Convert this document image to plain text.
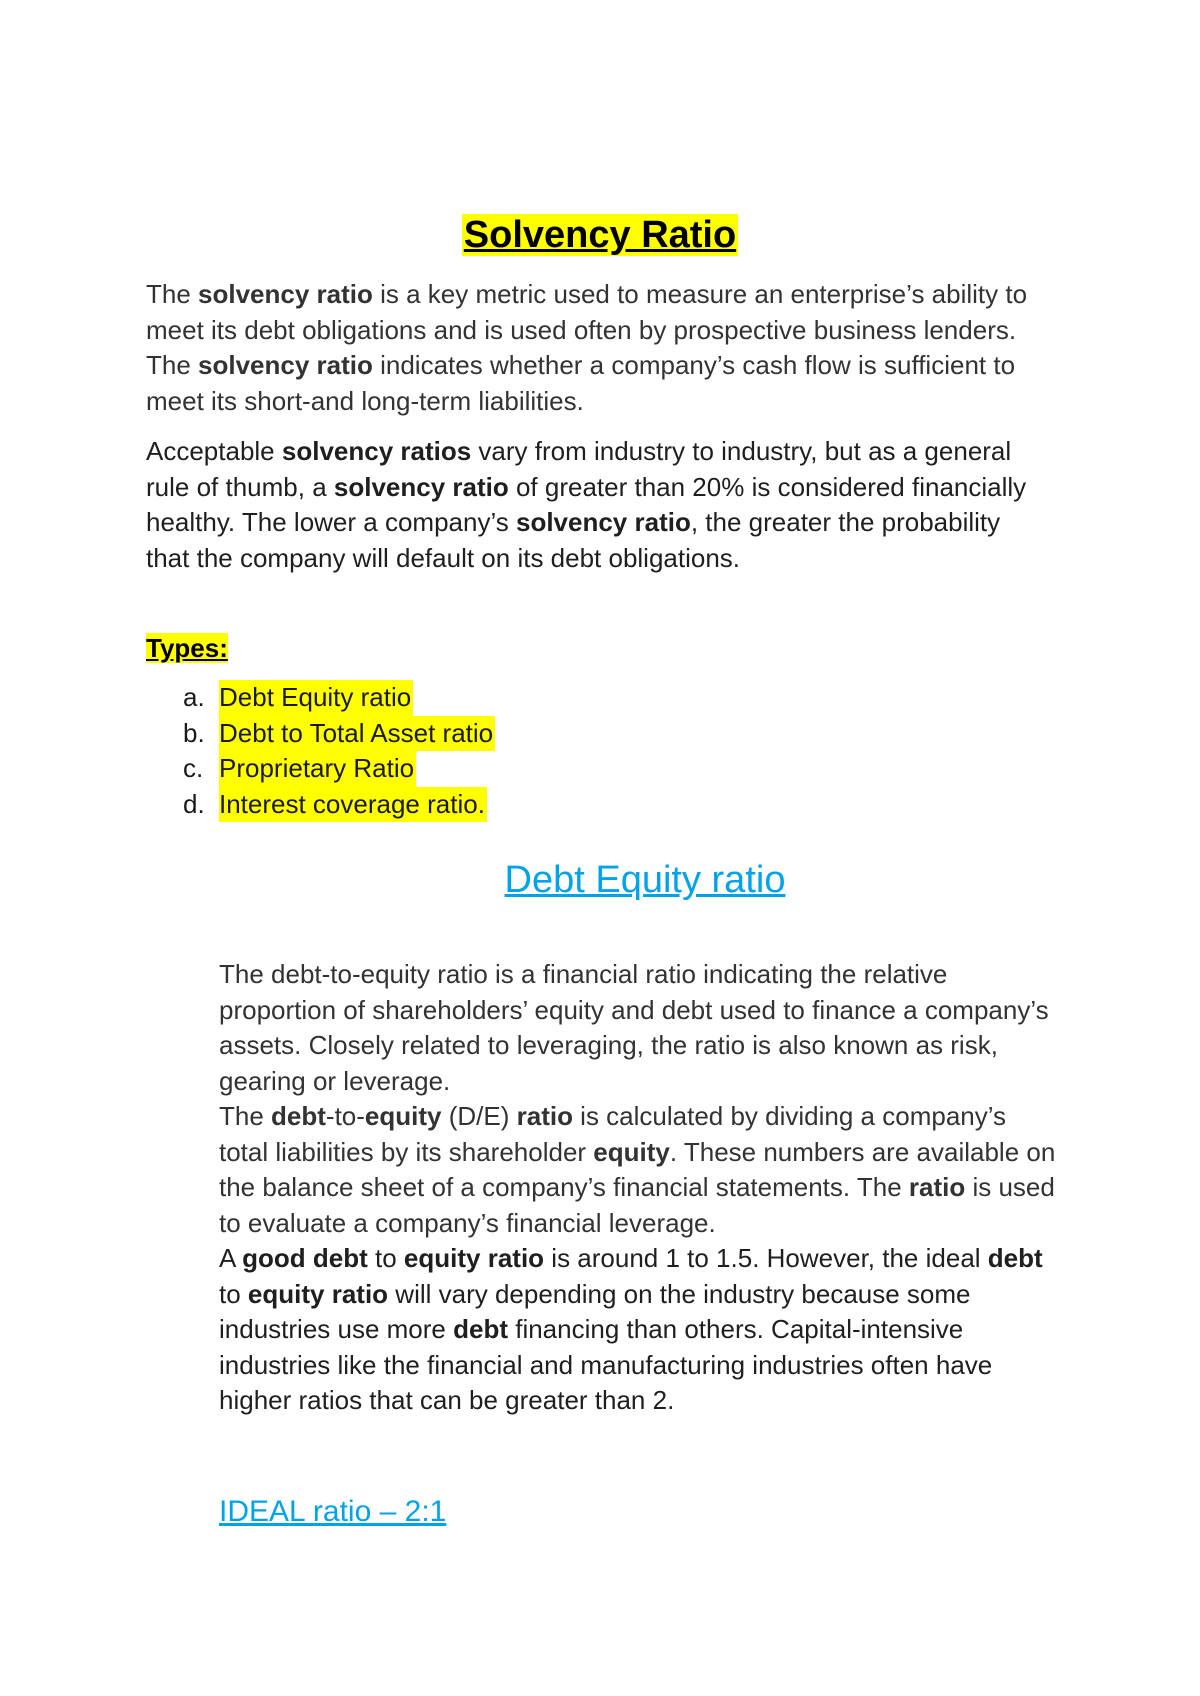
Solvency Ratio

The solvency ratio is a key metric used to measure an enterprise’s ability to meet its debt obligations and is used often by prospective business lenders. The solvency ratio indicates whether a company’s cash flow is sufficient to meet its short-and long-term liabilities.

Acceptable solvency ratios vary from industry to industry, but as a general rule of thumb, a solvency ratio of greater than 20% is considered financially healthy. The lower a company’s solvency ratio, the greater the probability that the company will default on its debt obligations.

Types:
a. Debt Equity ratio
b. Debt to Total Asset ratio
c. Proprietary Ratio
d. Interest coverage ratio.
Debt Equity ratio

The debt-to-equity ratio is a financial ratio indicating the relative proportion of shareholders’ equity and debt used to finance a company’s assets. Closely related to leveraging, the ratio is also known as risk, gearing or leverage.

The debt-to-equity (D/E) ratio is calculated by dividing a company’s total liabilities by its shareholder equity. These numbers are available on the balance sheet of a company’s financial statements. The ratio is used to evaluate a company’s financial leverage.

A good debt to equity ratio is around 1 to 1.5. However, the ideal debt to equity ratio will vary depending on the industry because some industries use more debt financing than others. Capital-intensive industries like the financial and manufacturing industries often have higher ratios that can be greater than 2.

IDEAL ratio – 2:1
